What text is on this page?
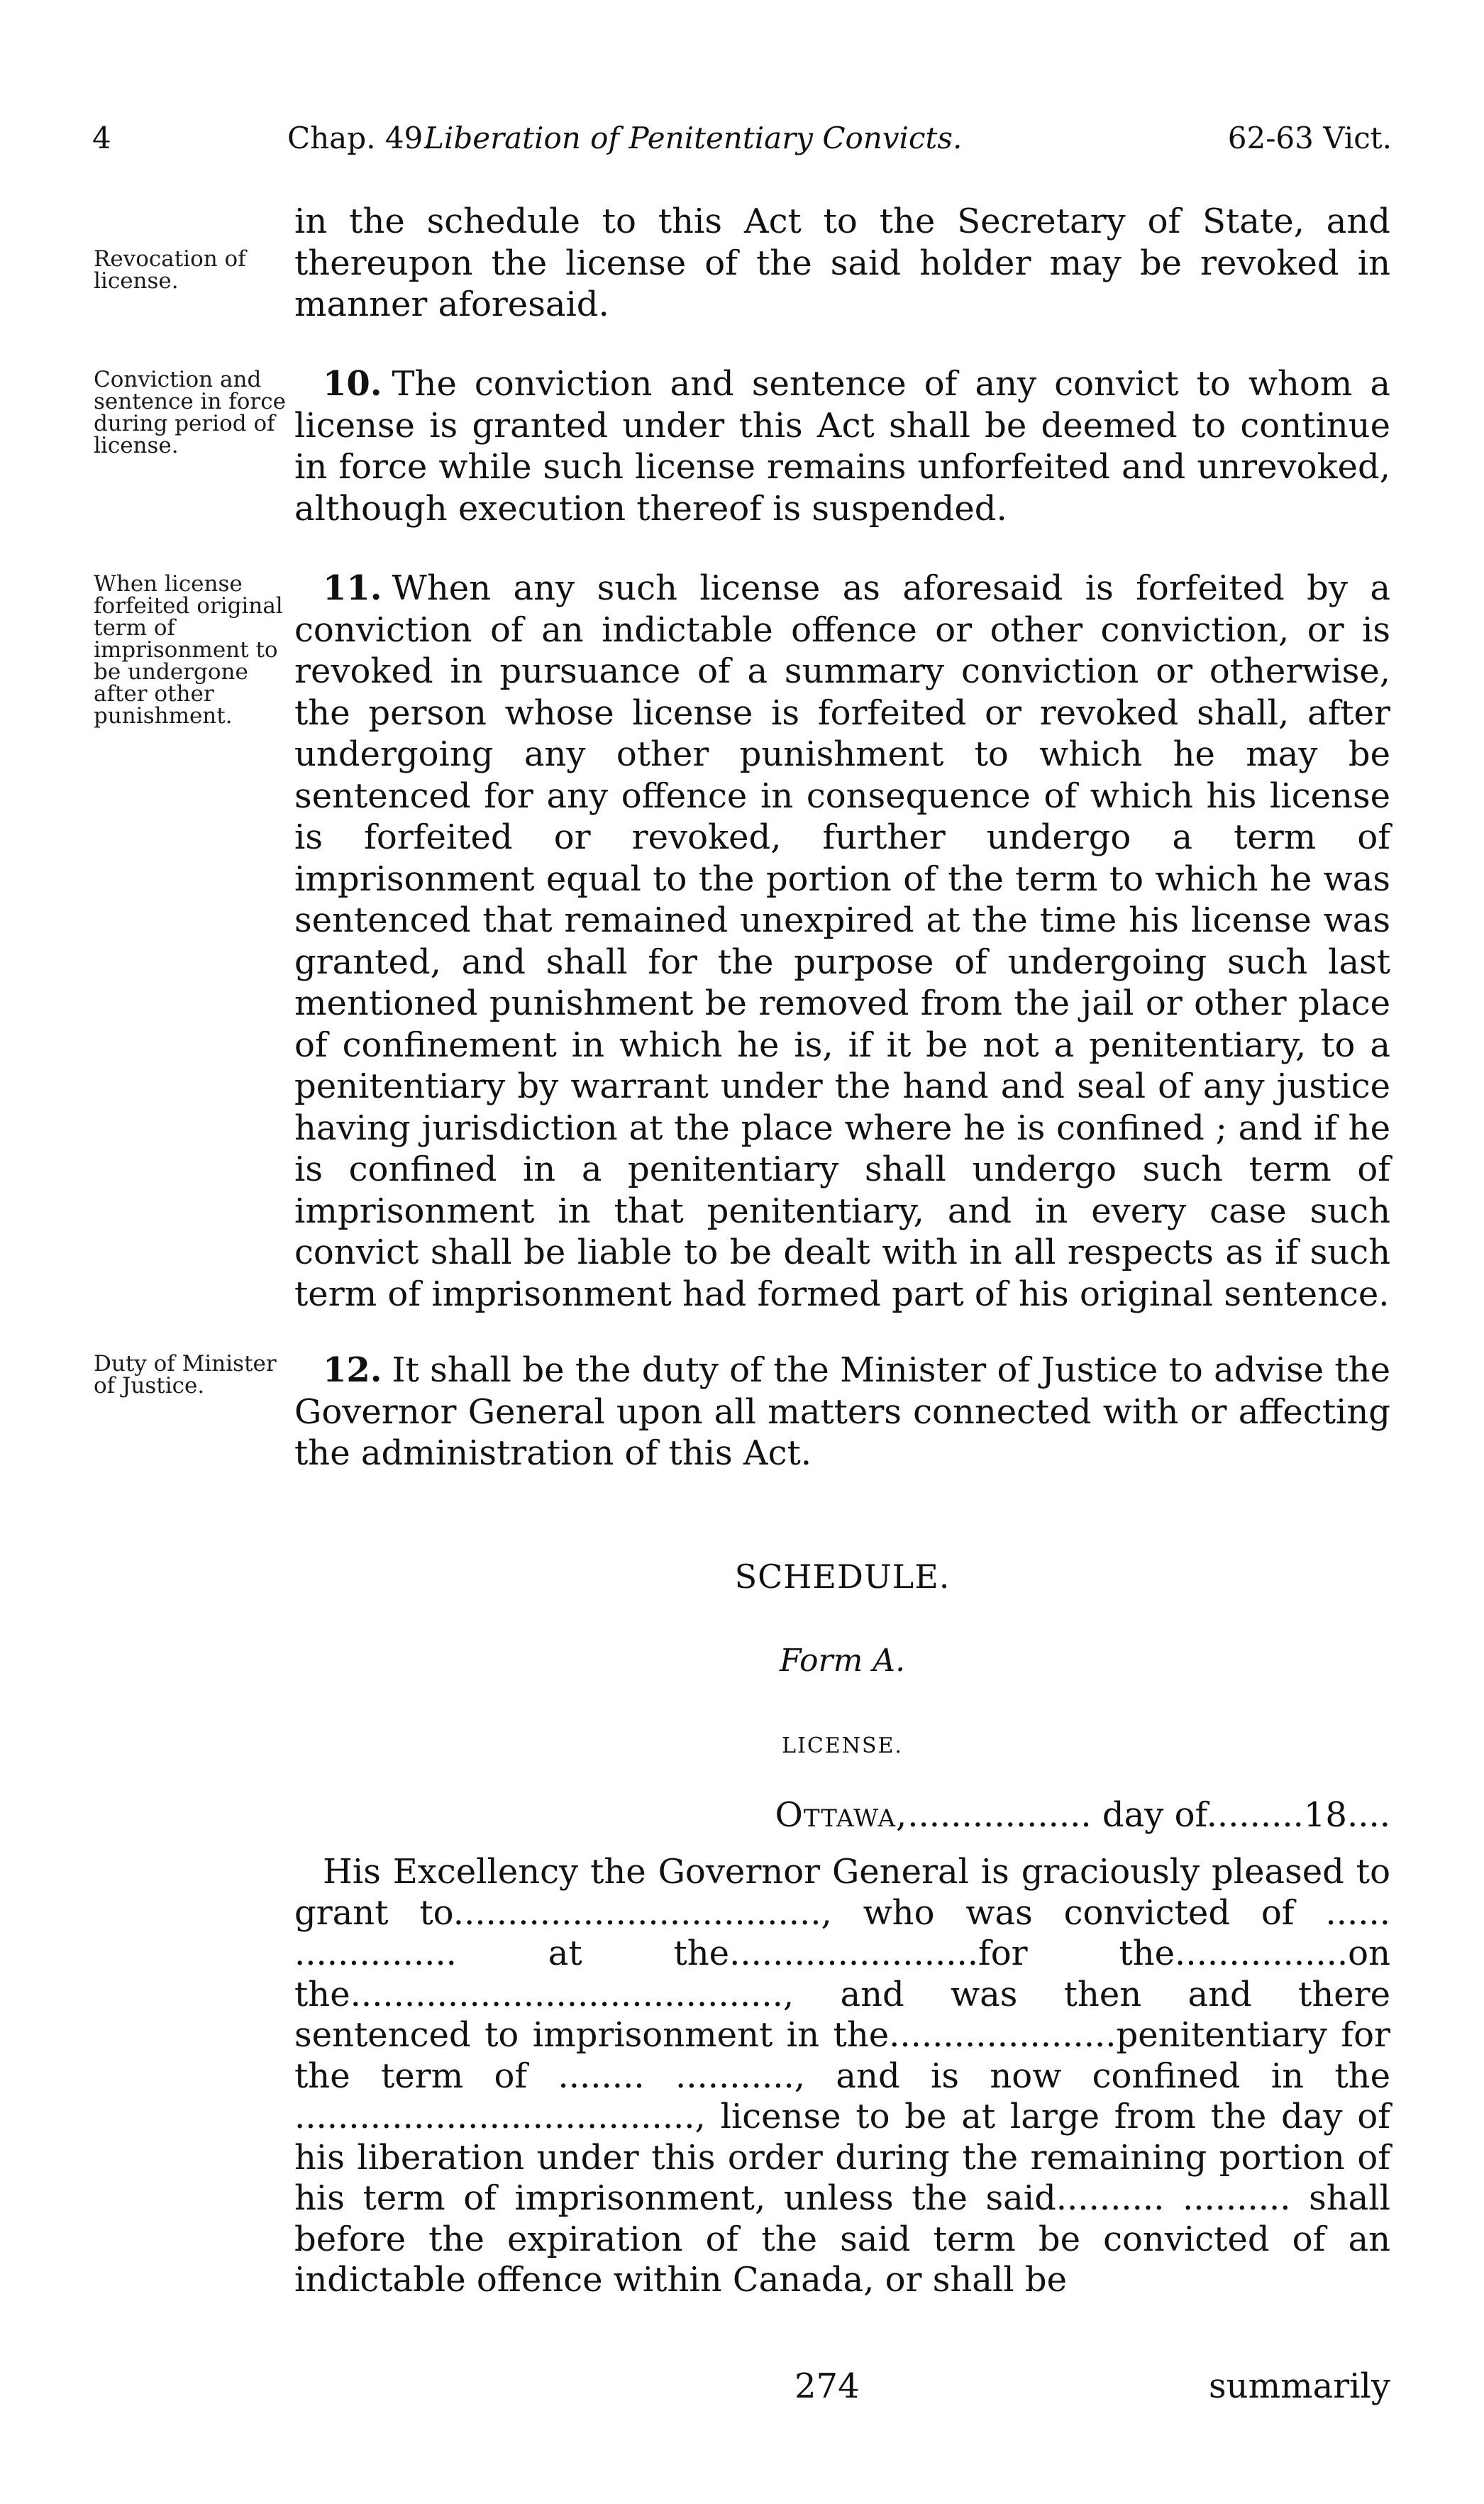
4	Chap. 49.
Liberation of Penitentiary Convicts.	62-63 Vict.
Revocation of license.
Conviction and sentence in force during period of license.
When license forfeited original term of imprisonment to be undergone after other punishment.
Duty of Minister of Justice.
in the schedule to this Act to the Secretary of State, and thereupon the license of the said holder may be revoked in manner aforesaid.
10. The conviction and sentence of any convict to whom a license is granted under this Act shall be deemed to continue in force while such license remains unforfeited and unrevoked, although execution thereof is suspended.
11. When any such license as aforesaid is forfeited by a conviction of an indictable offence or other conviction, or is revoked in pursuance of a summary conviction or otherwise, the person whose license is forfeited or revoked shall, after undergoing any other punishment to which he may be sentenced for any offence in consequence of which his license is forfeited or revoked, further undergo a term of imprisonment equal to the portion of the term to which he was sentenced that remained unexpired at the time his license was granted, and shall for the purpose of undergoing such last mentioned punishment be removed from the jail or other place of confinement in which he is, if it be not a penitentiary, to a penitentiary by warrant under the hand and seal of any justice having jurisdiction at the place where he is confined ; and if he is confined in a penitentiary shall undergo such term of imprisonment in that penitentiary, and in every case such convict shall be liable to be dealt with in all respects as if such term of imprisonment had formed part of his original sentence.
12. It shall be the duty of the Minister of Justice to advise the Governor General upon all matters connected with or affecting the administration of this Act.
SCHEDULE.
Form A.
LICENSE.
Ottawa,................. day of.........18....
His Excellency the Governor General is graciously pleased to grant to.................................., who was convicted of ...... ............... at the.......................for the................on the........................................, and was then and there sentenced to imprisonment in the.....................penitentiary for the term of ........ ..........., and is now confined in the ....................................., license to be at large from the day of his liberation under this order during the remaining portion of his term of imprisonment, unless the said.......... .......... shall before the expiration of the said term be convicted of an indictable offence within Canada, or shall be
274	summarily
